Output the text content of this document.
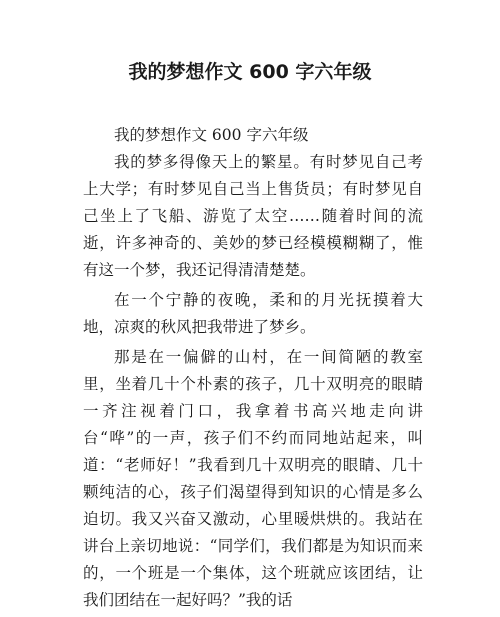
我的梦想作文 600 字六年级

我的梦想作文 600 字六年级

我的梦多得像天上的繁星。有时梦见自己考上大学；有时梦见自己当上售货员；有时梦见自己坐上了飞船、游览了太空……随着时间的流逝，许多神奇的、美妙的梦已经模模糊糊了，惟有这一个梦，我还记得清清楚楚。

在一个宁静的夜晚，柔和的月光抚摸着大地，凉爽的秋风把我带进了梦乡。

那是在一偏僻的山村，在一间简陋的教室里，坐着几十个朴素的孩子，几十双明亮的眼睛一齐注视着门口，我拿着书高兴地走向讲台“哗”的一声，孩子们不约而同地站起来，叫道：“老师好！”我看到几十双明亮的眼睛、几十颗纯洁的心，孩子们渴望得到知识的心情是多么迫切。我又兴奋又激动，心里暖烘烘的。我站在讲台上亲切地说：“同学们，我们都是为知识而来的，一个班是一个集体，这个班就应该团结，让我们团结在一起好吗？”我的话
